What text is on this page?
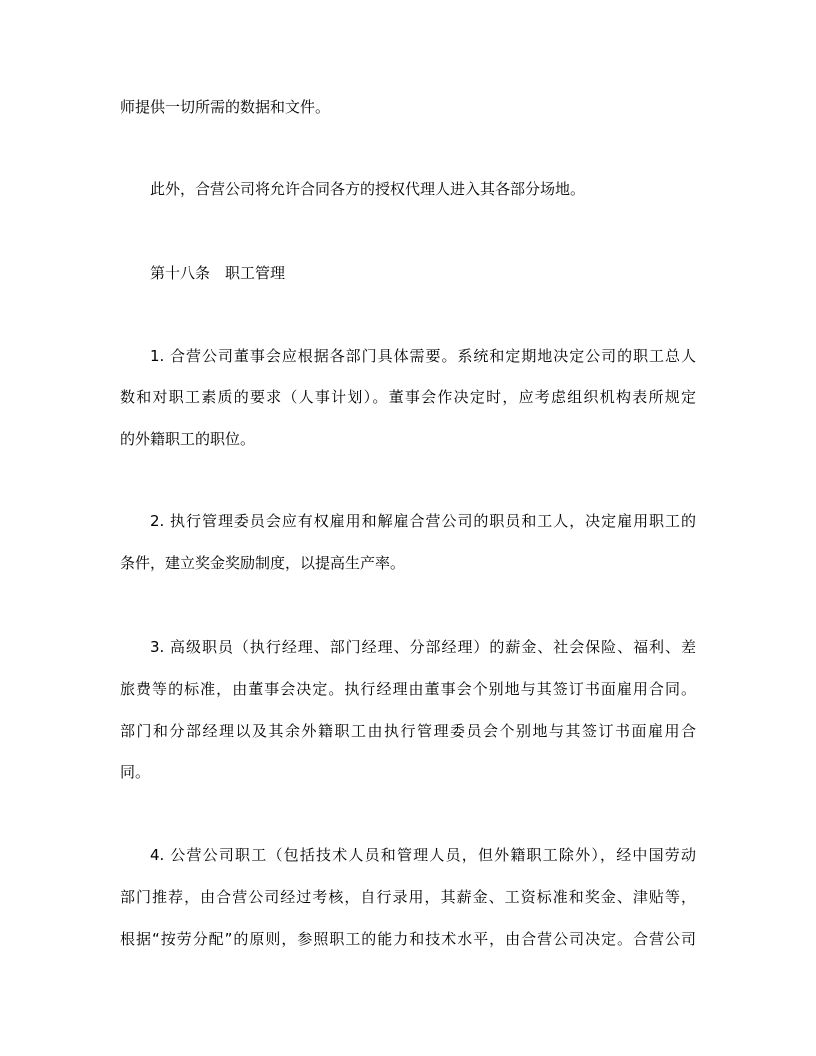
师提供一切所需的数据和文件。

此外，合营公司将允许合同各方的授权代理人进入其各部分场地。

第十八条　职工管理

1. 合营公司董事会应根据各部门具体需要。系统和定期地决定公司的职工总人

数和对职工素质的要求（人事计划）。董事会作决定时，应考虑组织机构表所规定

的外籍职工的职位。

2. 执行管理委员会应有权雇用和解雇合营公司的职员和工人，决定雇用职工的

条件，建立奖金奖励制度，以提高生产率。

3. 高级职员（执行经理、部门经理、分部经理）的薪金、社会保险、福利、差

旅费等的标准，由董事会决定。执行经理由董事会个别地与其签订书面雇用合同。

部门和分部经理以及其余外籍职工由执行管理委员会个别地与其签订书面雇用合

同。

4. 公营公司职工（包括技术人员和管理人员，但外籍职工除外），经中国劳动

部门推荐，由合营公司经过考核，自行录用，其薪金、工资标准和奖金、津贴等，

根据“按劳分配”的原则，参照职工的能力和技术水平，由合营公司决定。合营公司
